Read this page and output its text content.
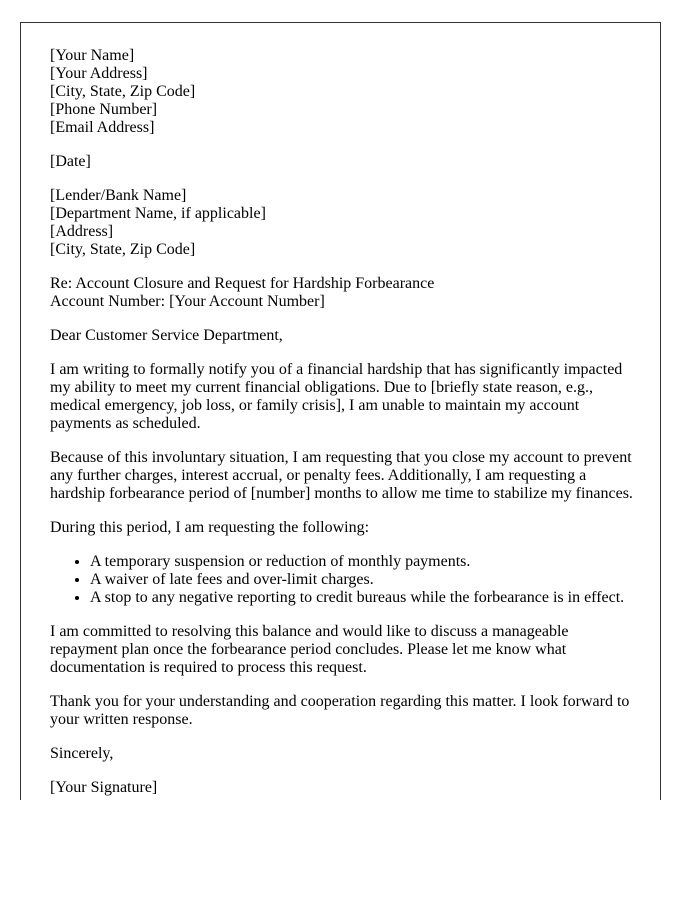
[Your Name]
[Your Address]
[City, State, Zip Code]
[Phone Number]
[Email Address]

[Date]

[Lender/Bank Name]
[Department Name, if applicable]
[Address]
[City, State, Zip Code]
Re: Account Closure and Request for Hardship Forbearance
Account Number: [Your Account Number]

Dear Customer Service Department,

I am writing to formally notify you of a financial hardship that has significantly impacted my ability to meet my current financial obligations. Due to [briefly state reason, e.g., medical emergency, job loss, or family crisis], I am unable to maintain my account payments as scheduled.

Because of this involuntary situation, I am requesting that you close my account to prevent any further charges, interest accrual, or penalty fees. Additionally, I am requesting a hardship forbearance period of [number] months to allow me time to stabilize my finances.

During this period, I am requesting the following:

• A temporary suspension or reduction of monthly payments.
• A waiver of late fees and over-limit charges.
• A stop to any negative reporting to credit bureaus while the forbearance is in effect.

I am committed to resolving this balance and would like to discuss a manageable repayment plan once the forbearance period concludes. Please let me know what documentation is required to process this request.

Thank you for your understanding and cooperation regarding this matter. I look forward to your written response.

Sincerely,

[Your Signature]
